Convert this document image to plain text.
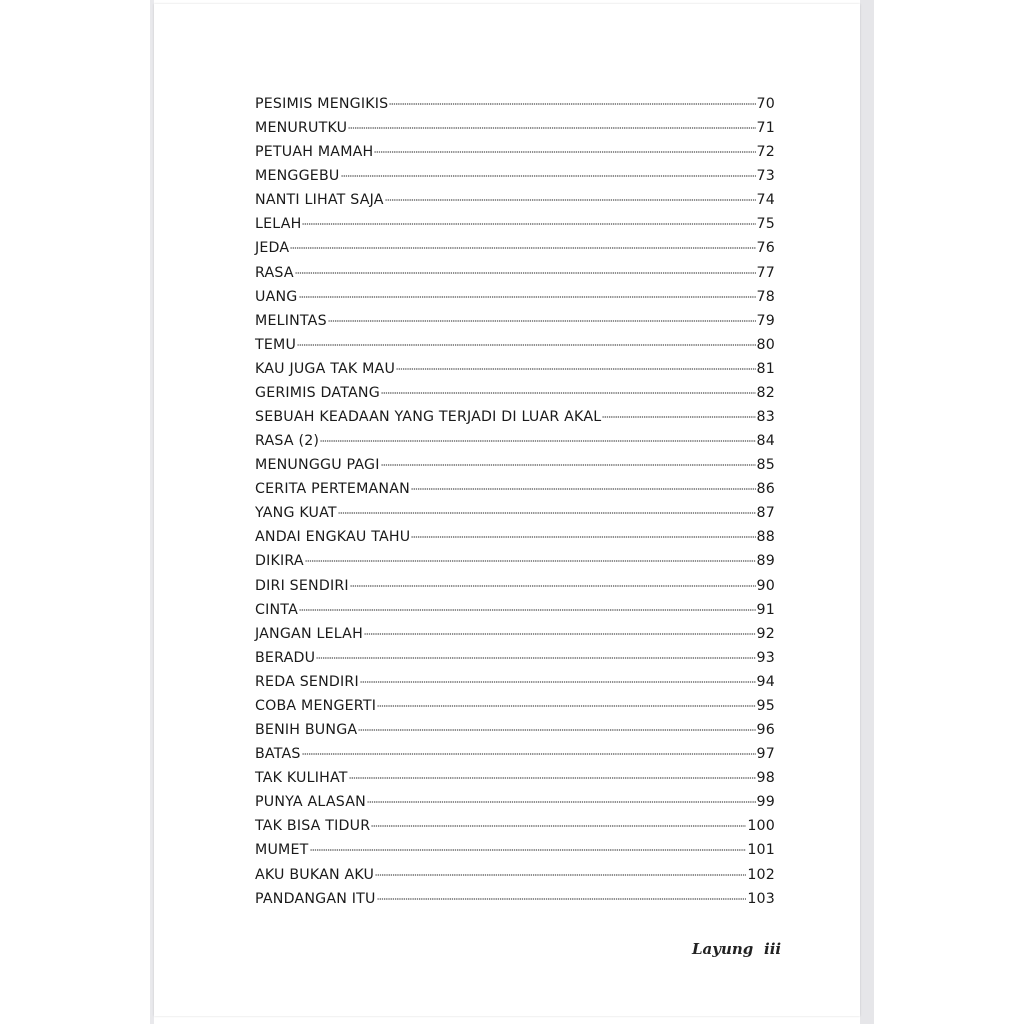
PESIMIS MENGIKIS	70
MENURUTKU	71
PETUAH MAMAH	72
MENGGEBU	73
NANTI LIHAT SAJA	74
LELAH	75
JEDA	76
RASA	77
UANG	78
MELINTAS	79
TEMU	80
KAU JUGA TAK MAU	81
GERIMIS DATANG	82
SEBUAH KEADAAN YANG TERJADI DI LUAR AKAL	83
RASA (2)	84
MENUNGGU PAGI	85
CERITA PERTEMANAN	86
YANG KUAT	87
ANDAI ENGKAU TAHU	88
DIKIRA	89
DIRI SENDIRI	90
CINTA	91
JANGAN LELAH	92
BERADU	93
REDA SENDIRI	94
COBA MENGERTI	95
BENIH BUNGA	96
BATAS	97
TAK KULIHAT	98
PUNYA ALASAN	99
TAK BISA TIDUR	100
MUMET	101
AKU BUKAN AKU	102
PANDANGAN ITU	103
Layung iii
